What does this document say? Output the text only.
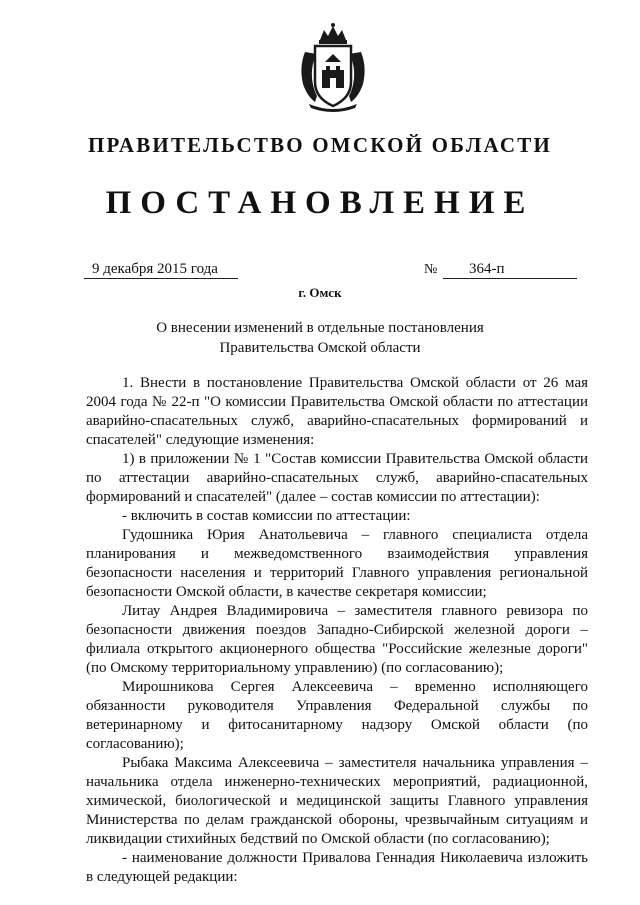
ПРАВИТЕЛЬСТВО ОМСКОЙ ОБЛАСТИ
ПОСТАНОВЛЕНИЕ
9 декабря 2015 года	№	364-п
г. Омск
О внесении изменений в отдельные постановления
Правительства Омской области

1. Внести в постановление Правительства Омской области от 26 мая 2004 года № 22-п "О комиссии Правительства Омской области по аттестации аварийно-спасательных служб, аварийно-спасательных формирований и спасателей" следующие изменения:

1) в приложении № 1 "Состав комиссии Правительства Омской области по аттестации аварийно-спасательных служб, аварийно-спасательных формирований и спасателей" (далее – состав комиссии по аттестации):

- включить в состав комиссии по аттестации:

Гудошника Юрия Анатольевича – главного специалиста отдела планирования и межведомственного взаимодействия управления безопасности населения и территорий Главного управления региональной безопасности Омской области, в качестве секретаря комиссии;

Литау Андрея Владимировича – заместителя главного ревизора по безопасности движения поездов Западно-Сибирской железной дороги – филиала открытого акционерного общества "Российские железные дороги" (по Омскому территориальному управлению) (по согласованию);

Мирошникова Сергея Алексеевича – временно исполняющего обязанности руководителя Управления Федеральной службы по ветеринарному и фитосанитарному надзору Омской области (по согласованию);

Рыбака Максима Алексеевича – заместителя начальника управления – начальника отдела инженерно-технических мероприятий, радиационной, химической, биологической и медицинской защиты Главного управления Министерства по делам гражданской обороны, чрезвычайным ситуациям и ликвидации стихийных бедствий по Омской области (по согласованию);

- наименование должности Привалова Геннадия Николаевича изложить в следующей редакции:
